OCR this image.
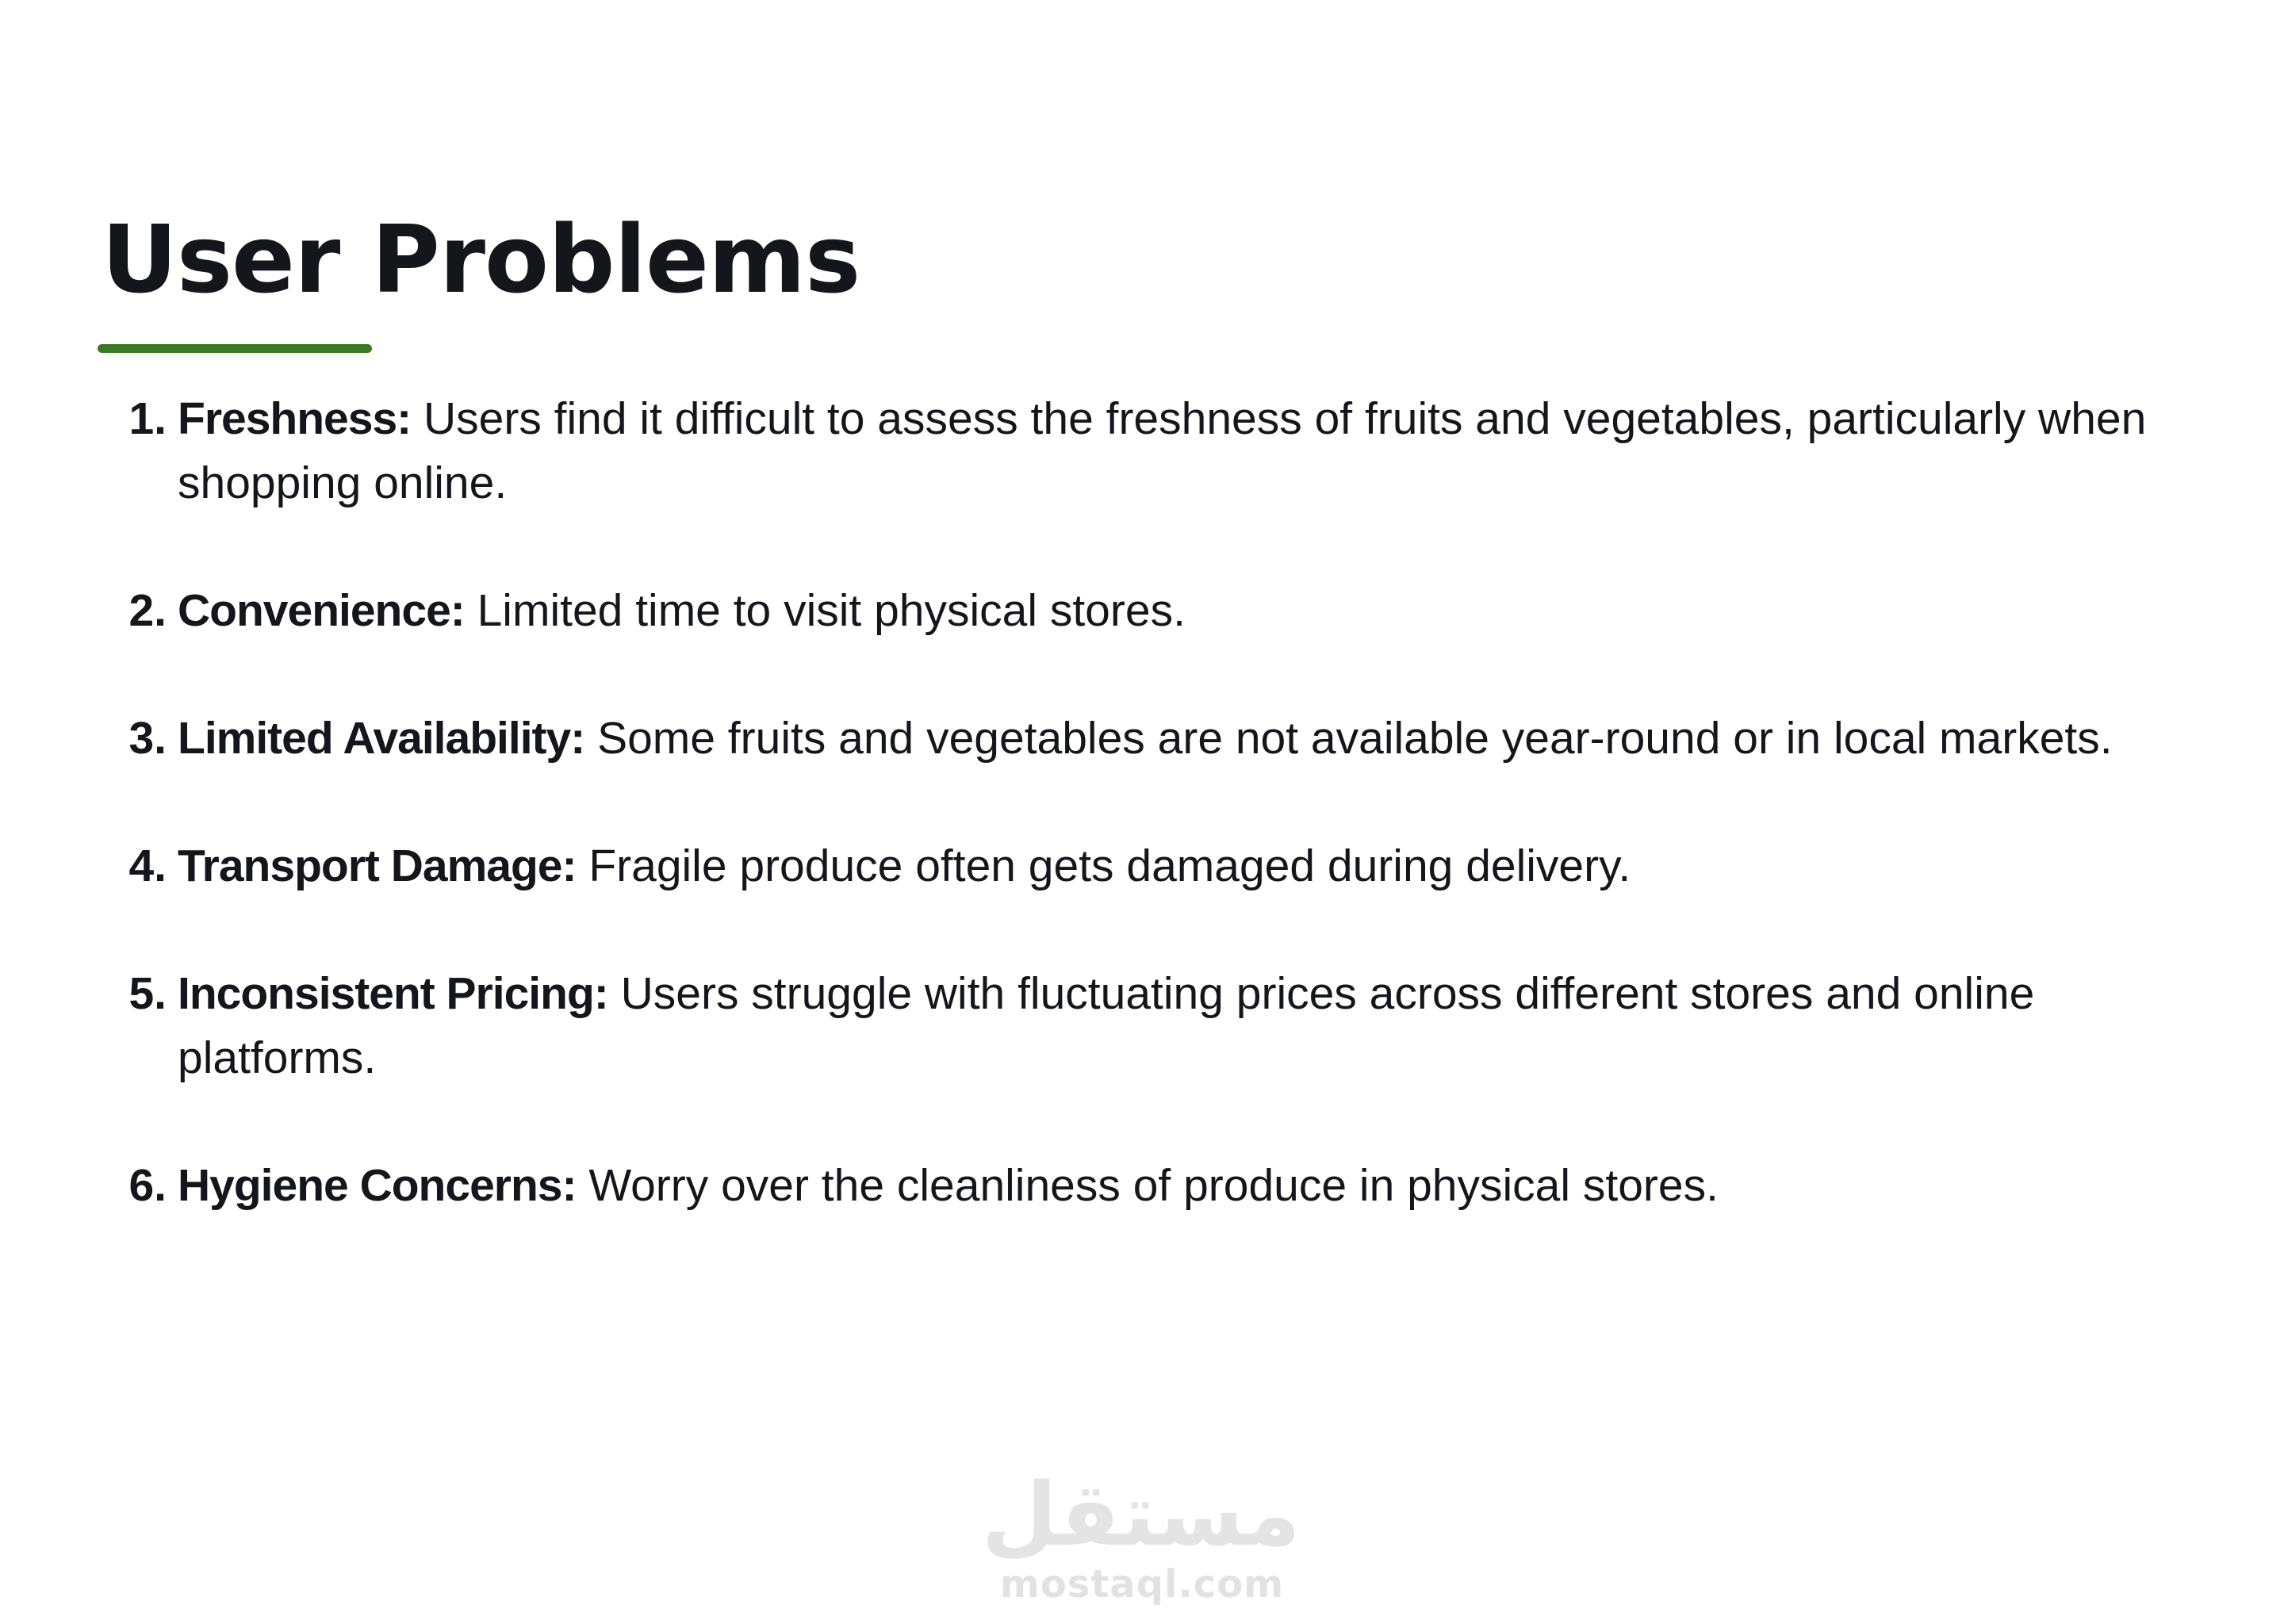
User Problems
1. Freshness: Users find it difficult to assess the freshness of fruits and vegetables, particularly when shopping online.
2. Convenience: Limited time to visit physical stores.
3. Limited Availability: Some fruits and vegetables are not available year-round or in local markets.
4. Transport Damage: Fragile produce often gets damaged during delivery.
5. Inconsistent Pricing: Users struggle with fluctuating prices across different stores and online platforms.
6. Hygiene Concerns: Worry over the cleanliness of produce in physical stores.
مستقل
mostaql.com
